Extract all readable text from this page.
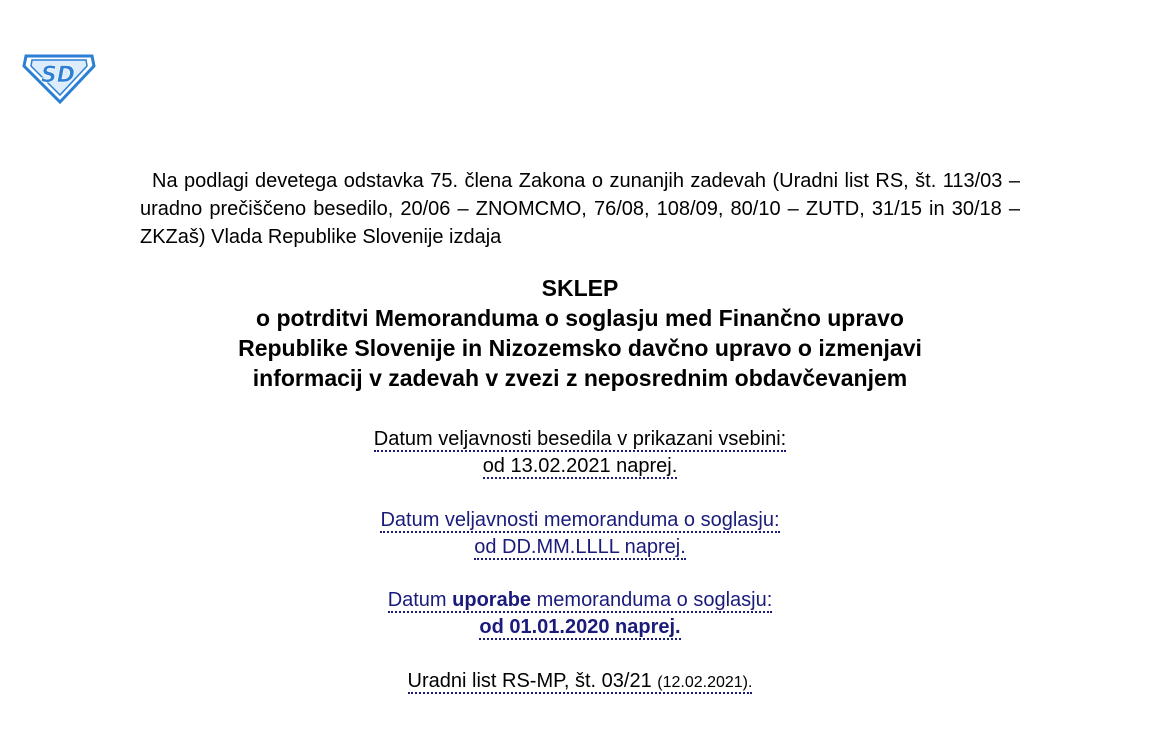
SD

Na podlagi devetega odstavka 75. člena Zakona o zunanjih zadevah (Uradni list RS, št. 113/03 – uradno prečiščeno besedilo, 20/06 – ZNOMCMO, 76/08, 108/09, 80/10 – ZUTD, 31/15 in 30/18 – ZKZaš) Vlada Republike Slovenije izdaja

SKLEP
o potrditvi Memoranduma o soglasju med Finančno upravo
Republike Slovenije in Nizozemsko davčno upravo o izmenjavi
informacij v zadevah v zvezi z neposrednim obdavčevanjem
Datum veljavnosti besedila v prikazani vsebini:
od 13.02.2021 naprej.
Datum veljavnosti memoranduma o soglasju:
od DD.MM.LLLL naprej.
Datum uporabe memoranduma o soglasju:
od 01.01.2020 naprej.
Uradni list RS-MP, št. 03/21 (12.02.2021).
